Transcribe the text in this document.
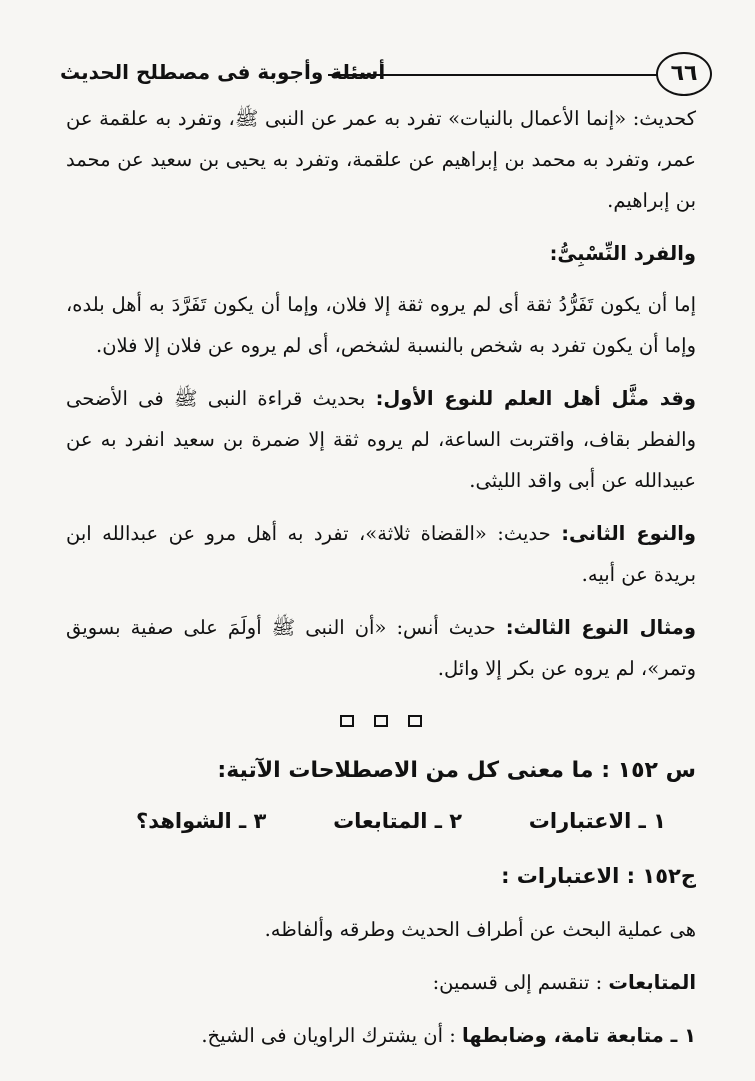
أسئلة وأجوبة فى مصطلح الحديث	٦٦

كحديث: «إنما الأعمال بالنيات» تفرد به عمر عن النبى ﷺ، وتفرد به علقمة عن عمر، وتفرد به محمد بن إبراهيم عن علقمة، وتفرد به يحيى بن سعيد عن محمد بن إبراهيم.

والفرد النِّسْبِىُّ:

إما أن يكون تَفَرُّدُ ثقة أى لم يروه ثقة إلا فلان، وإما أن يكون تَفَرَّدَ به أهل بلده، وإما أن يكون تفرد به شخص بالنسبة لشخص، أى لم يروه عن فلان إلا فلان.

وقد مثَّل أهل العلم للنوع الأول: بحديث قراءة النبى ﷺ فى الأضحى والفطر بقاف، واقتربت الساعة، لم يروه ثقة إلا ضمرة بن سعيد انفرد به عن عبيدالله عن أبى واقد الليثى.

والنوع الثانى: حديث: «القضاة ثلاثة»، تفرد به أهل مرو عن عبدالله ابن بريدة عن أبيه.

ومثال النوع الثالث: حديث أنس: «أن النبى ﷺ أولَمَ على صفية بسويق وتمر»، لم يروه عن بكر إلا وائل.

س ١٥٢ : ما معنى كل من الاصطلاحات الآتية:
١ ـ الاعتبارات
٢ ـ المتابعات
٣ ـ الشواهد؟
ج١٥٢ : الاعتبارات :

هى عملية البحث عن أطراف الحديث وطرقه وألفاظه.

المتابعات : تنقسم إلى قسمين:

١ ـ متابعة تامة، وضابطها : أن يشترك الراويان فى الشيخ.
